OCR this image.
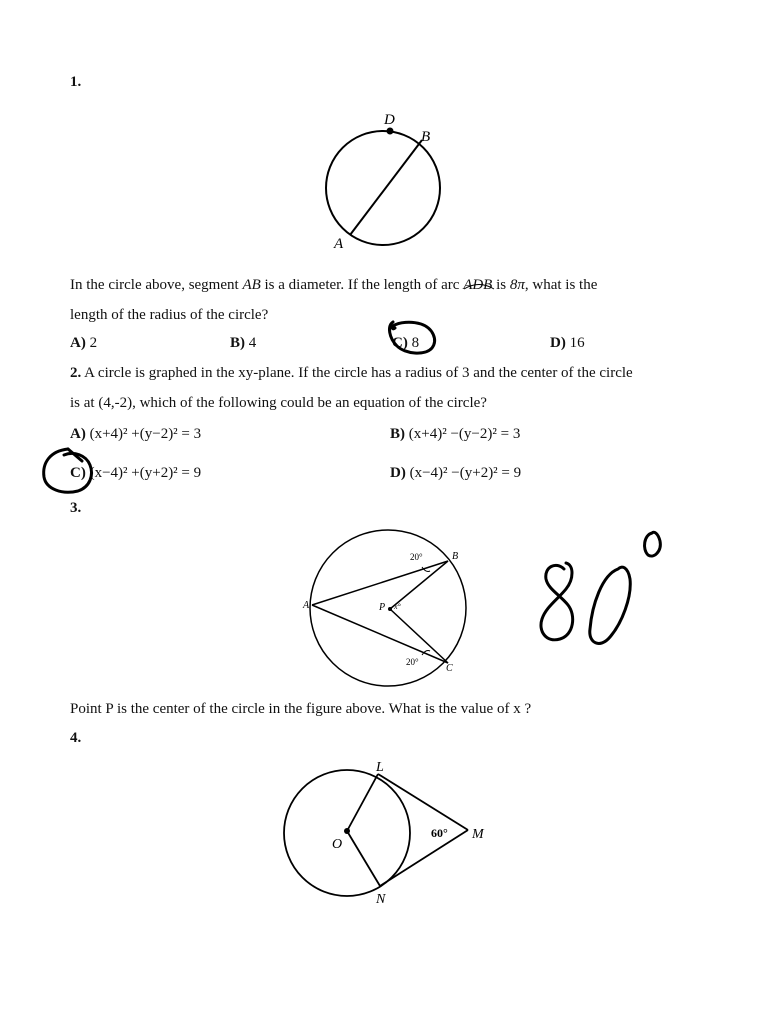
1.
D
B
A
In the circle above, segment AB is a diameter. If the length of arc ADB
is 8π, what is the
length of the radius of the circle?
A) 2	B) 4	C) 8	D) 16
2. A circle is graphed in the xy-plane. If the circle has a radius of 3 and the center of the circle
is at (4,-2), which of the following could be an equation of the circle?
A) (x+4)² +(y−2)² = 3	B) (x+4)² −(y−2)² = 3
C) (x−4)² +(y+2)² = 9	D) (x−4)² −(y+2)² = 9
3.
20°
20°
B
C
A	P x°
Point P is the center of the circle in the figure above. What is the value of x ?
4.
L
M
N
O
60°
